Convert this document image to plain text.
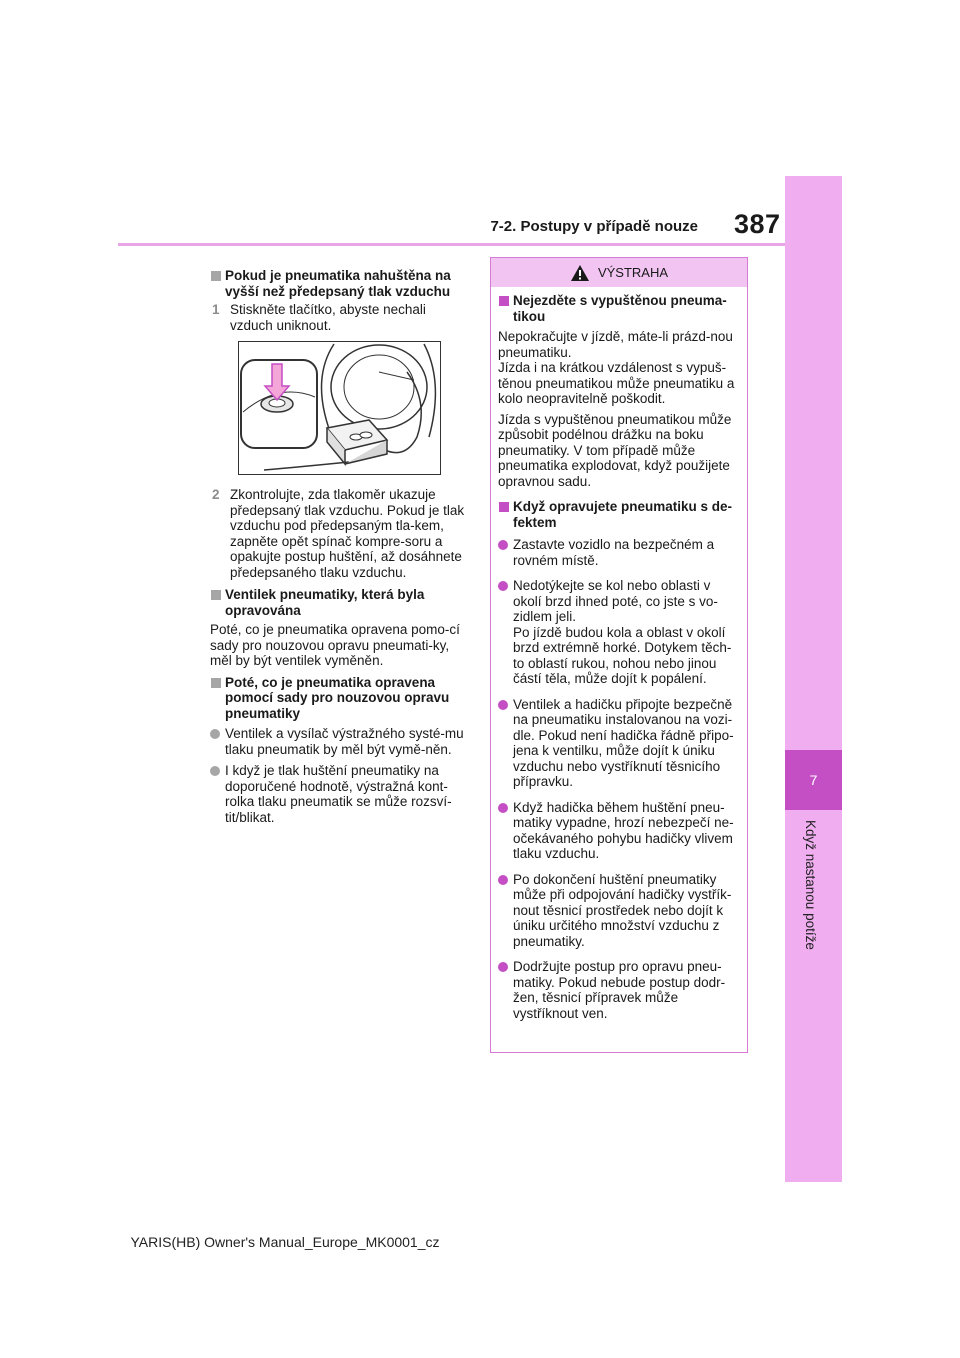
7-2. Postupy v případě nouze 387
7
Když nastanou potíže

Pokud je pneumatika nahuštěna na vyšší než předepsaný tlak vzduchu

1 Stiskněte tlačítko, abyste nechali vzduch uniknout.

2 Zkontrolujte, zda tlakoměr ukazuje předepsaný tlak vzduchu. Pokud je tlak vzduchu pod předepsaným tla-kem, zapněte opět spínač kompre-soru a opakujte postup huštění, až dosáhnete předepsaného tlaku vzduchu.

Ventilek pneumatiky, která byla opravována

Poté, co je pneumatika opravena pomo-cí sady pro nouzovou opravu pneumati-ky, měl by být ventilek vyměněn.

Poté, co je pneumatika opravena pomocí sady pro nouzovou opravu pneumatiky

Ventilek a vysílač výstražného systé-mu tlaku pneumatik by měl být vymě-něn.

I když je tlak huštění pneumatiky na doporučené hodnotě, výstražná kont-rolka tlaku pneumatik se může rozsví-tit/blikat.

VÝSTRAHA

Nejezděte s vypuštěnou pneuma-tikou

Nepokračujte v jízdě, máte-li prázd-nou pneumatiku.

Jízda i na krátkou vzdálenost s vypuš-těnou pneumatikou může pneumatiku a kolo neopravitelně poškodit.

Jízda s vypuštěnou pneumatikou může způsobit podélnou drážku na boku pneumatiky. V tom případě může pneumatika explodovat, když použijete opravnou sadu.

Když opravujete pneumatiku s de-fektem

Zastavte vozidlo na bezpečném a rovném místě.

Nedotýkejte se kol nebo oblasti v okolí brzd ihned poté, co jste s vo-zidlem jeli.
Po jízdě budou kola a oblast v okolí brzd extrémně horké. Dotykem těch-to oblastí rukou, nohou nebo jinou částí těla, může dojít k popálení.

Ventilek a hadičku připojte bezpečně na pneumatiku instalovanou na vozi-dle. Pokud není hadička řádně připo-jena k ventilku, může dojít k úniku vzduchu nebo vystříknutí těsnicího přípravku.

Když hadička během huštění pneu-matiky vypadne, hrozí nebezpečí ne-očekávaného pohybu hadičky vlivem tlaku vzduchu.

Po dokončení huštění pneumatiky může při odpojování hadičky vystřík-nout těsnicí prostředek nebo dojít k úniku určitého množství vzduchu z pneumatiky.

Dodržujte postup pro opravu pneu-matiky. Pokud nebude postup dodr-žen, těsnicí přípravek může vystříknout ven.

YARIS(HB) Owner's Manual_Europe_MK0001_cz
